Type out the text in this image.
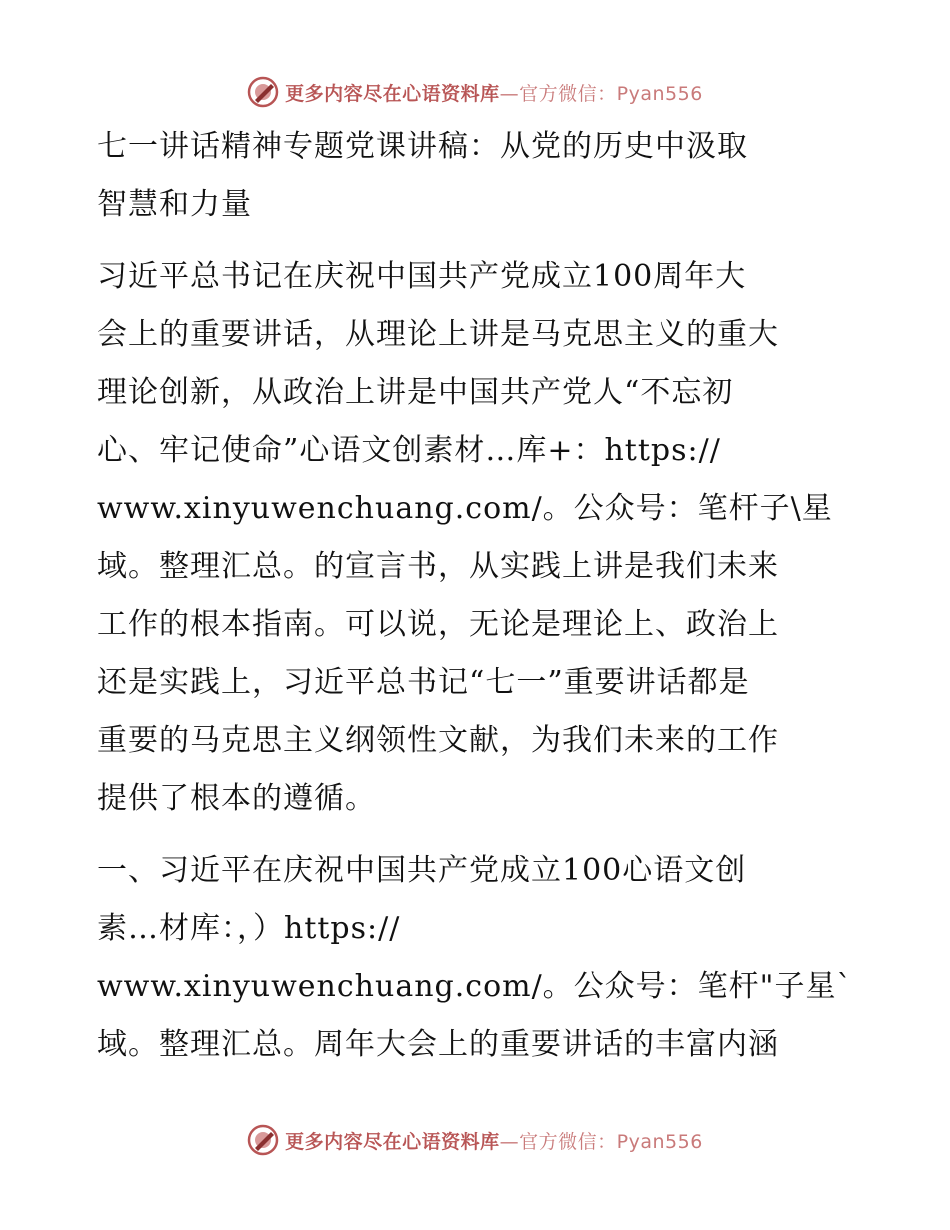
更多内容尽在心语资料库—官方微信：Pyan556
七一讲话精神专题党课讲稿：从党的历史中汲取
智慧和力量

习近平总书记在庆祝中国共产党成立100周年大
会上的重要讲话，从理论上讲是马克思主义的重大
理论创新，从政治上讲是中国共产党人“不忘初
心、牢记使命”心语文创素材…库+：https://
www.xinyuwenchuang.com/。公众号：笔杆子\星
域。整理汇总。的宣言书，从实践上讲是我们未来
工作的根本指南。可以说，无论是理论上、政治上
还是实践上，习近平总书记“七一”重要讲话都是
重要的马克思主义纲领性文献，为我们未来的工作
提供了根本的遵循。

一、习近平在庆祝中国共产党成立100心语文创
素…材库：，）https://
www.xinyuwenchuang.com/。公众号：笔杆"子星`
域。整理汇总。周年大会上的重要讲话的丰富内涵

更多内容尽在心语资料库—官方微信：Pyan556
